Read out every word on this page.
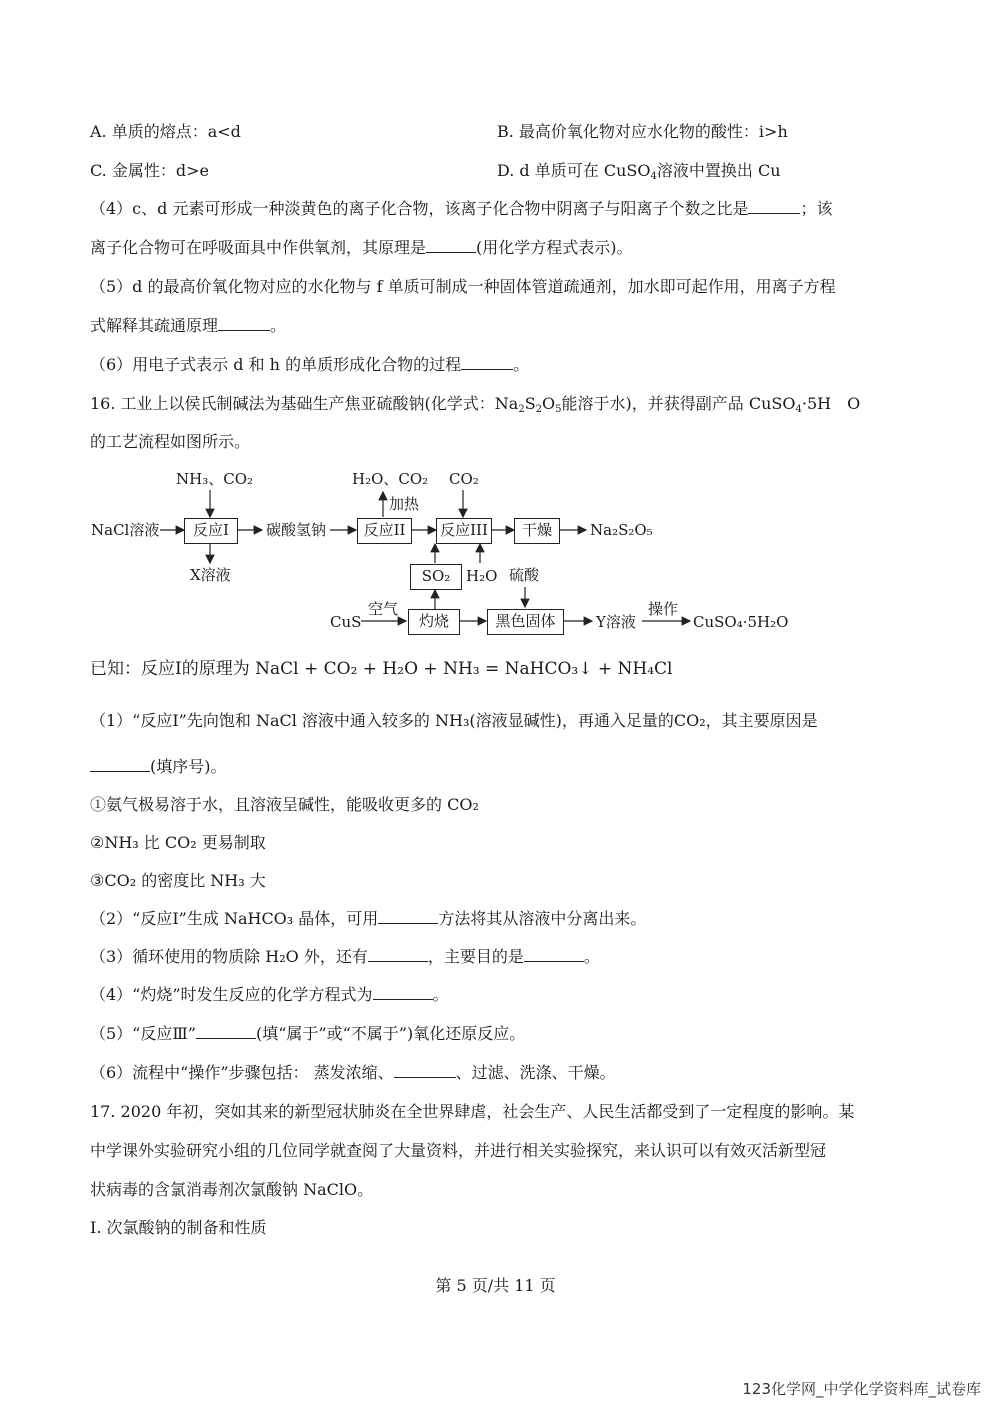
A. 单质的熔点：a<d	B. 最高价氧化物对应水化物的酸性：i>h
C. 金属性：d>e	D. d 单质可在 CuSO$_4$溶液中置换出 Cu
（4）c、d 元素可形成一种淡黄色的离子化合物，该离子化合物中阴离子与阳离子个数之比是	；该
离子化合物可在呼吸面具中作供氧剂，其原理是	(用化学方程式表示)。
（5）d 的最高价氧化物对应的水化物与 f 单质可制成一种固体管道疏通剂，加水即可起作用，用离子方程
式解释其疏通原理	。
（6）用电子式表示 d 和 h 的单质形成化合物的过程	。
16. 工业上以侯氏制碱法为基础生产焦亚硫酸钠(化学式：$Na_2S_2O_5$能溶于水)，并获得副产品 CuSO$_4$·5H　O
的工艺流程如图所示。
NH₃、CO₂
NaCl溶液	反应I
X溶液
碳酸氢钠
H₂O、CO₂
加热
反应II
CO₂
反应III	干燥	Na₂S₂O₅
SO₂	H₂O 硫酸
空气
CuS	灼烧	黑色固体	Y溶液
操作
CuSO₄·5H₂O
已知：反应Ⅰ的原理为 NaCl + CO₂ + H₂O + NH₃ = NaHCO₃↓ + NH₄Cl
（1）“反应Ⅰ”先向饱和 NaCl 溶液中通入较多的 NH₃(溶液显碱性)，再通入足量的CO₂，其主要原因是
(填序号)。
①氨气极易溶于水，且溶液呈碱性，能吸收更多的 CO₂
②NH₃ 比 CO₂ 更易制取
③CO₂ 的密度比 NH₃ 大
（2）“反应Ⅰ”生成 NaHCO₃ 晶体，可用	方法将其从溶液中分离出来。
（3）循环使用的物质除 H₂O 外，还有	，主要目的是	。
（4）“灼烧”时发生反应的化学方程式为	。
（5）“反应Ⅲ”	(填“属于”或“不属于”)氧化还原反应。
（6）流程中“操作”步骤包括： 蒸发浓缩、	、过滤、洗涤、干燥。
17. 2020 年初，突如其来的新型冠状肺炎在全世界肆虐，社会生产、人民生活都受到了一定程度的影响。某
中学课外实验研究小组的几位同学就查阅了大量资料，并进行相关实验探究，来认识可以有效灭活新型冠
状病毒的含氯消毒剂次氯酸钠 NaClO。
I. 次氯酸钠的制备和性质
第 5 页/共 11 页
123化学网_中学化学资料库_试卷库
